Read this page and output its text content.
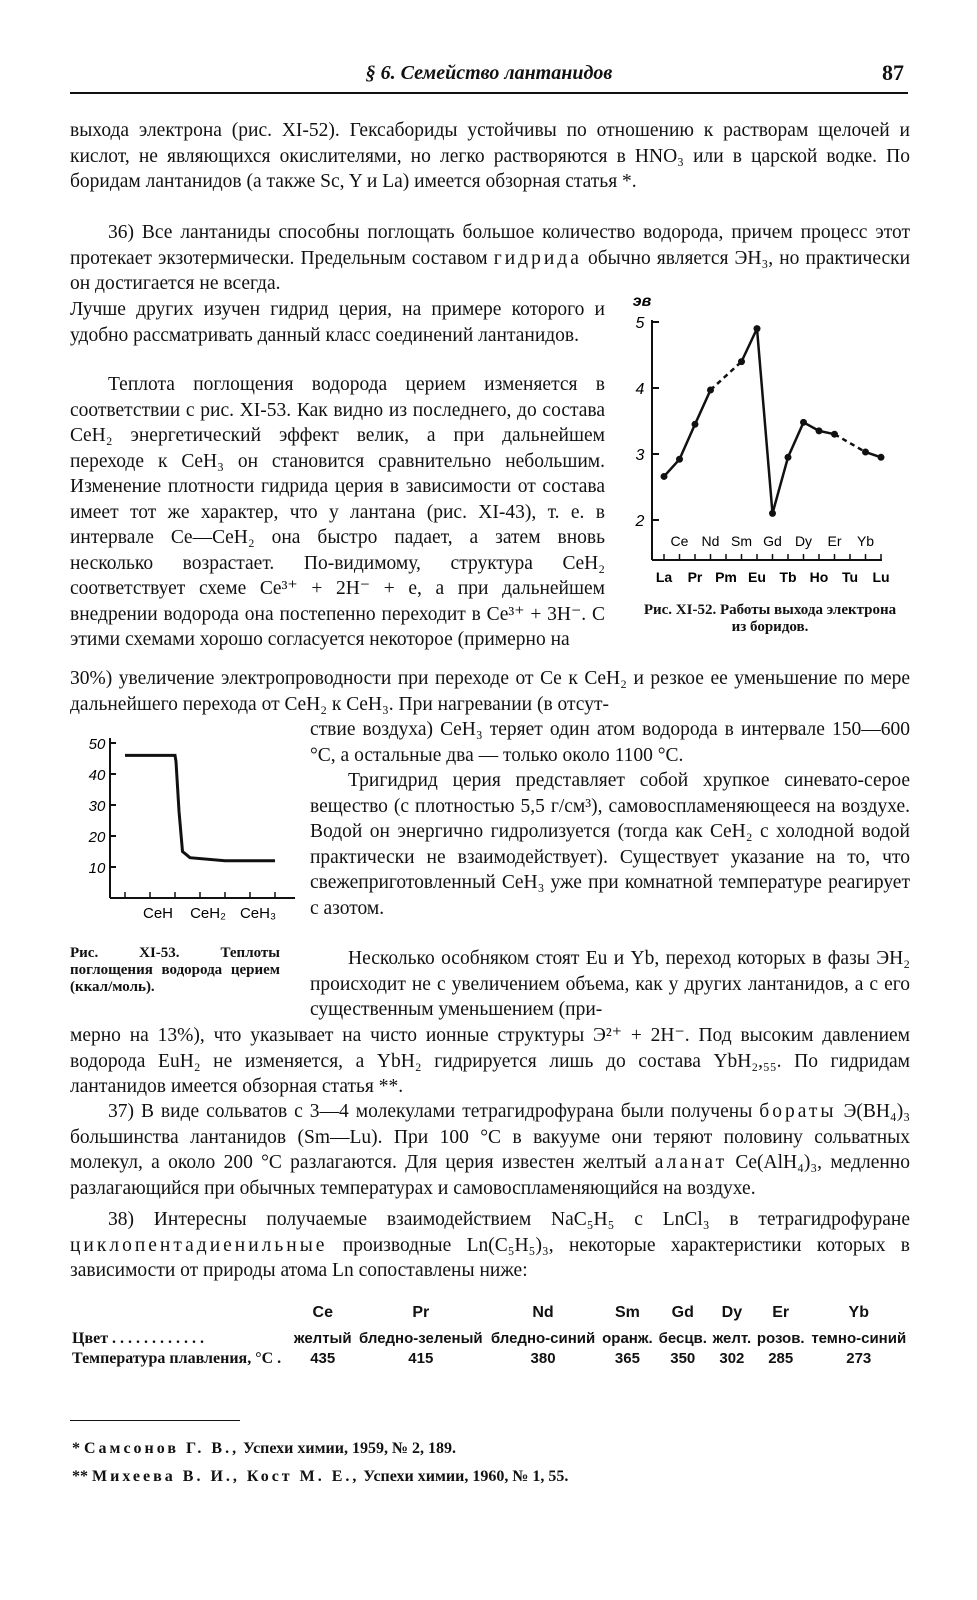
§ 6. Семейство лантанидов	87

выхода электрона (рис. XI-52). Гексабориды устойчивы по отношению к растворам щелочей и кислот, не являющихся окислителями, но легко растворяются в HNO₃ или в царской водке. По боридам лантанидов (а также Sc, Y и La) имеется обзорная статья *.

36) Все лантаниды способны поглощать большое количество водорода, причем процесс этот протекает экзотермически. Предельным составом гидрида обычно является ЭH₃, но практически он достигается не всегда.

Лучше других изучен гидрид церия, на примере которого и удобно рассматривать данный класс соединений лантанидов.

Теплота поглощения водорода церием изменяется в соответствии с рис. XI-53. Как видно из последнего, до состава CeH₂ энергетический эффект велик, а при дальнейшем переходе к CeH₃ он становится сравнительно небольшим. Изменение плотности гидрида церия в зависимости от состава имеет тот же характер, что у лантана (рис. XI-43), т. е. в интервале Ce—CeH₂ она быстро падает, а затем вновь несколько возрастает. По-видимому, структура CeH₂ соответствует схеме Ce³⁺ + 2H⁻ + e, а при дальнейшем внедрении водорода она постепенно переходит в Ce³⁺ + 3H⁻. С этими схемами хорошо согласуется некоторое (примерно на

2
3
4
5
эв
Ce Nd Sm Gd Dy Er Yb
La Pr Pm Eu Tb Ho Tu Lu
Рис. XI-52. Работы выхода электрона из боридов.

30%) увеличение электропроводности при переходе от Ce к CeH₂ и резкое ее уменьшение по мере дальнейшего перехода от CeH₂ к CeH₃. При нагревании (в отсут-

ствие воздуха) CeH₃ теряет один атом водорода в интервале 150—600 °C, а остальные два — только около 1100 °C.

10
20
30
40
50
CeH CeH₂ CeH₃
Рис. XI-53. Теплоты поглощения водорода церием (ккал/моль).

Тригидрид церия представляет собой хрупкое синевато-серое вещество (с плотностью 5,5 г/см³), самовоспламеняющееся на воздухе. Водой он энергично гидролизуется (тогда как CeH₂ с холодной водой практически не взаимодействует). Существует указание на то, что свежеприготовленный CeH₃ уже при комнатной температуре реагирует с азотом.

Несколько особняком стоят Eu и Yb, переход которых в фазы ЭH₂ происходит не с увеличением объема, как у других лантанидов, а с его существенным уменьшением (при-

мерно на 13%), что указывает на чисто ионные структуры Э²⁺ + 2H⁻. Под высоким давлением водорода EuH₂ не изменяется, а YbH₂ гидрируется лишь до состава YbH₂,₅₅. По гидридам лантанидов имеется обзорная статья **.

37) В виде сольватов с 3—4 молекулами тетрагидрофурана были получены бораты Э(BH₄)₃ большинства лантанидов (Sm—Lu). При 100 °C в вакууме они теряют половину сольватных молекул, а около 200 °C разлагаются. Для церия известен желтый аланат Ce(AlH₄)₃, медленно разлагающийся при обычных температурах и самовоспламеняющийся на воздухе.

38) Интересны получаемые взаимодействием NaC₅H₅ с LnCl₃ в тетрагидрофуране циклопентадиенильные производные Ln(C₅H₅)₃, некоторые характеристики которых в зависимости от природы атома Ln сопоставлены ниже:

	Ce	Pr	Nd	Sm	Gd	Dy	Er	Yb
Цвет . . . . . . . . . . . .	желтый	бледно-зеленый	бледно-синий	оранж.	бесцв.	желт.	розов.	темно-синий
Температура плавления, °C .	435	415	380	365	350	302	285	273
* Самсонов Г. В., Успехи химии, 1959, № 2, 189.
** Михеева В. И., Кост М. Е., Успехи химии, 1960, № 1, 55.
